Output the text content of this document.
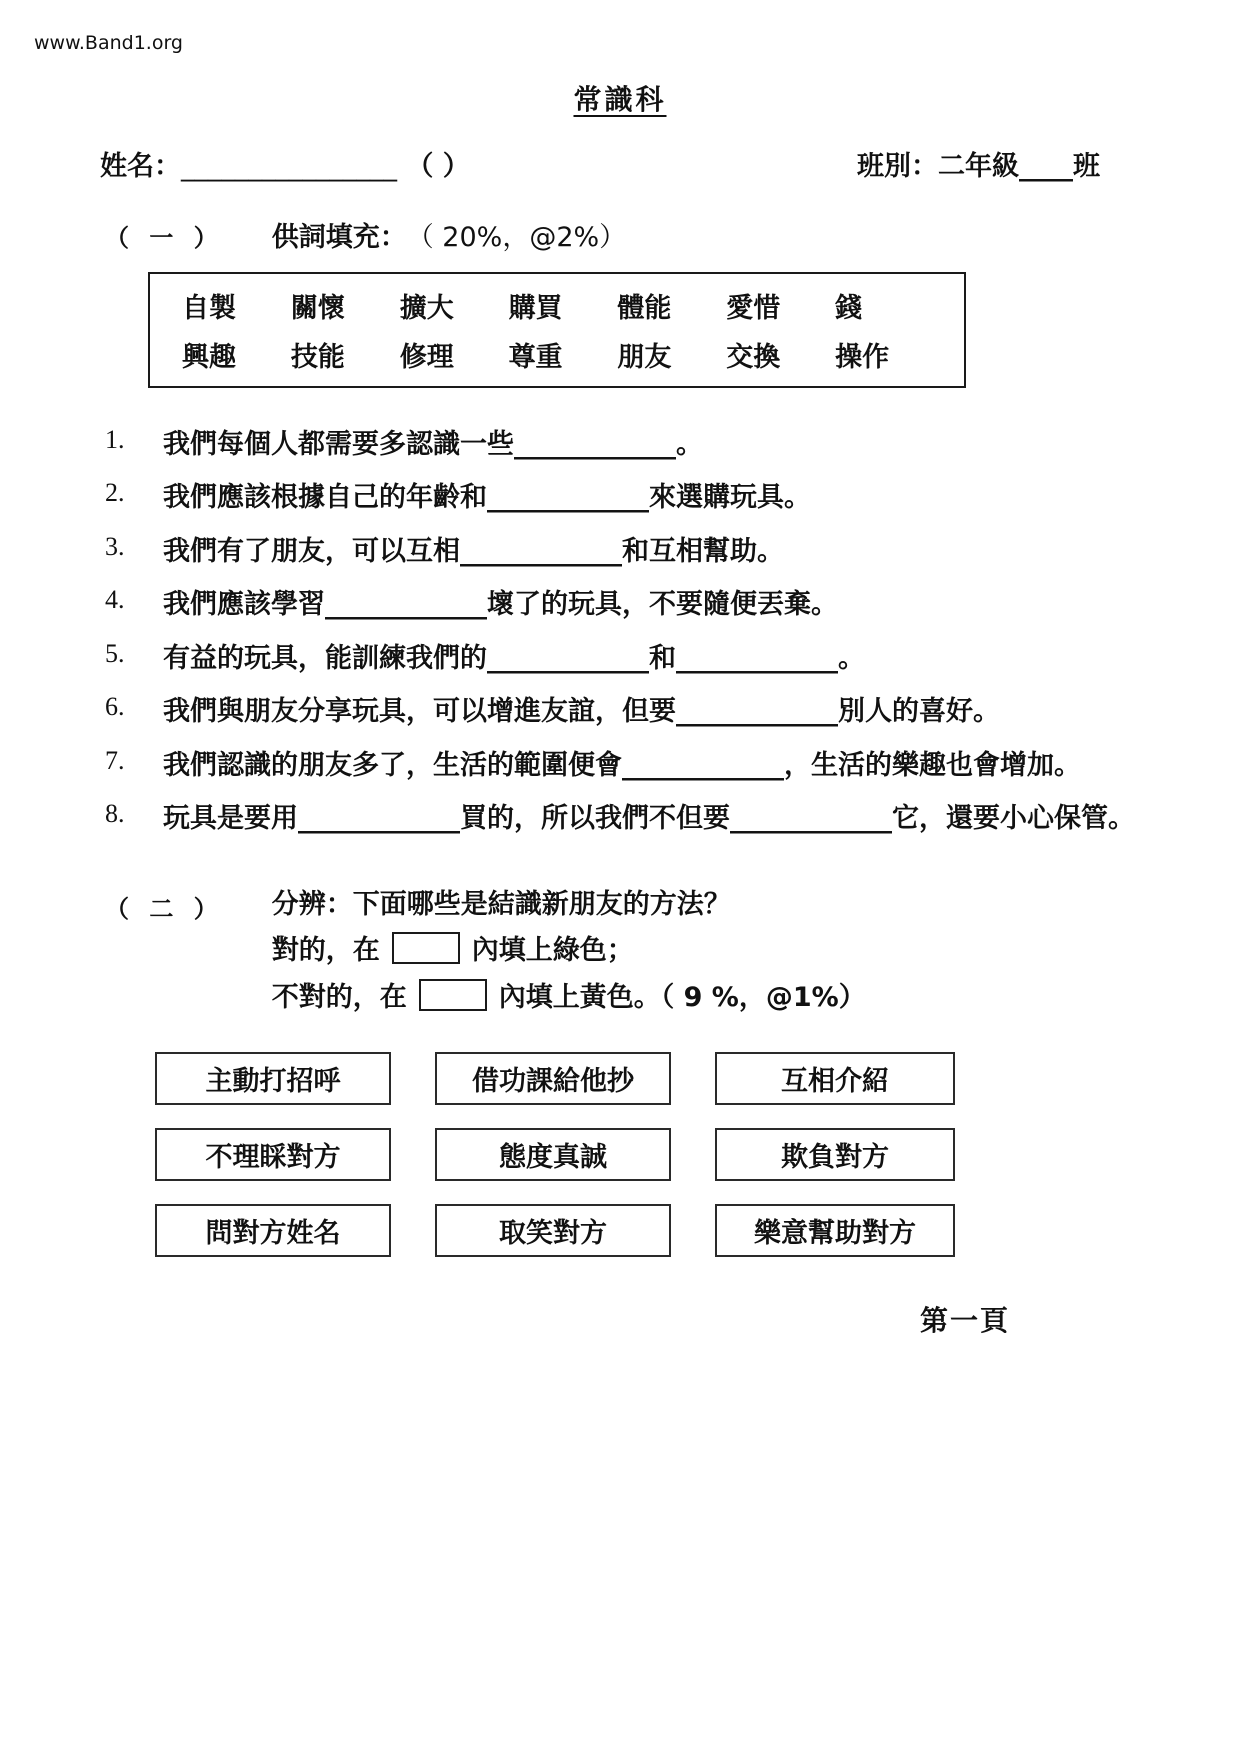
www.Band1.org
常識科
姓名：________________ （ ）	班別：二年級____班
（ 一 ） 供詞填充： （ 20%，@2%）
自製	關懷	擴大	購買	體能	愛惜	錢
興趣	技能	修理	尊重	朋友	交換	操作
1.	我們每個人都需要多認識一些____________。
2.	我們應該根據自己的年齡和____________來選購玩具。
3.	我們有了朋友，可以互相____________和互相幫助。
4.	我們應該學習____________壞了的玩具，不要隨便丟棄。
5.	有益的玩具，能訓練我們的____________和____________。
6.	我們與朋友分享玩具，可以增進友誼，但要____________別人的喜好。
7.	我們認識的朋友多了，生活的範圍便會____________，生活的樂趣也會增加。
8.	玩具是要用____________買的，所以我們不但要____________它，還要小心保管。
（ 二 ） 分辨：下面哪些是結識新朋友的方法？
對的，在	內填上綠色；
不對的，在	內填上黃色。（ 9 %，@1%）
主動打招呼	借功課給他抄	互相介紹
不理睬對方	態度真誠	欺負對方
問對方姓名	取笑對方	樂意幫助對方
第一頁
